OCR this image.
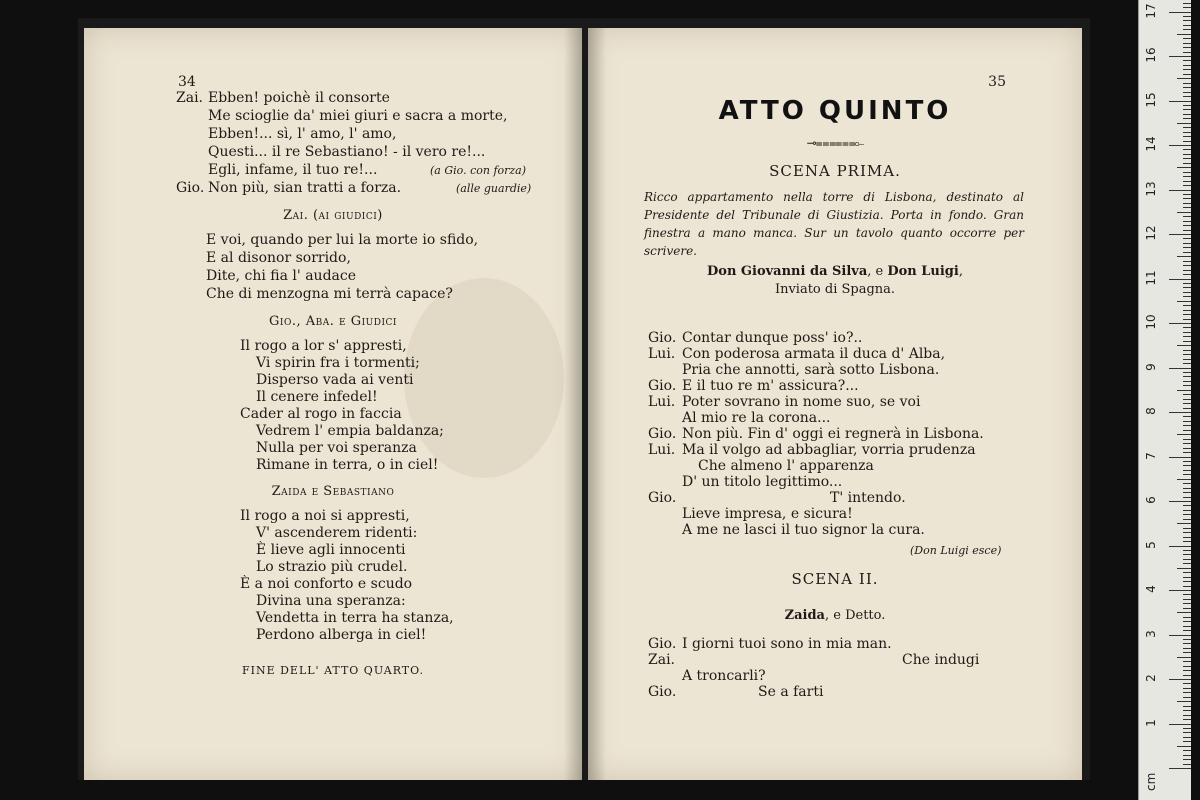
34
Zai. Ebben! poichè il consorte
Me scioglie da' miei giuri e sacra a morte,
Ebben!... sì, l' amo, l' amo,
Questi... il re Sebastiano! - il vero re!...
Egli, infame, il tuo re!...	(a Gio. con forza)
Gio. Non più, sian tratti a forza.	(alle guardie)
Zai. (ai giudici)
E voi, quando per lui la morte io sfido,
E al disonor sorrido,
Dite, chi fia l' audace
Che di menzogna mi terrà capace?
Gio., Aba. e Giudici
Il rogo a lor s' appresti,
Vi spirin fra i tormenti;
Disperso vada ai venti
Il cenere infedel!
Cader al rogo in faccia
Vedrem l' empia baldanza;
Nulla per voi speranza
Rimane in terra, o in ciel!
Zaida e Sebastiano
Il rogo a noi si appresti,
V' ascenderem ridenti:
È lieve agli innocenti
Lo strazio più crudel.
È a noi conforto e scudo
Divina una speranza:
Vendetta in terra ha stanza,
Perdono alberga in ciel!
FINE DELL' ATTO QUARTO.
35
ATTO QUINTO
⊸⩶⩶⟜
SCENA PRIMA.
Ricco appartamento nella torre di Lisbona, destinato al Presidente del Tribunale di Giustizia. Porta in fondo. Gran finestra a mano manca. Sur un tavolo quanto occorre per scrivere.
Don Giovanni da Silva, e Don Luigi,
Inviato di Spagna.
Gio. Contar dunque poss' io?..
Lui. Con poderosa armata il duca d' Alba,
Pria che annotti, sarà sotto Lisbona.
Gio. E il tuo re m' assicura?...
Lui. Poter sovrano in nome suo, se voi
Al mio re la corona...
Gio. Non più. Fin d' oggi ei regnerà in Lisbona.
Lui. Ma il volgo ad abbagliar, vorria prudenza
Che almeno l' apparenza
D' un titolo legittimo...
Gio.	T' intendo.
Lieve impresa, e sicura!
A me ne lasci il tuo signor la cura.
(Don Luigi esce)
SCENA II.
Zaida, e Detto.
Gio. I giorni tuoi sono in mia man.
Zai.	Che indugi
A troncarli?
Gio.	Se a farti
1
2
3
4
5
6
7
8
9
10
11
12
13
14
15
16
17
cm
